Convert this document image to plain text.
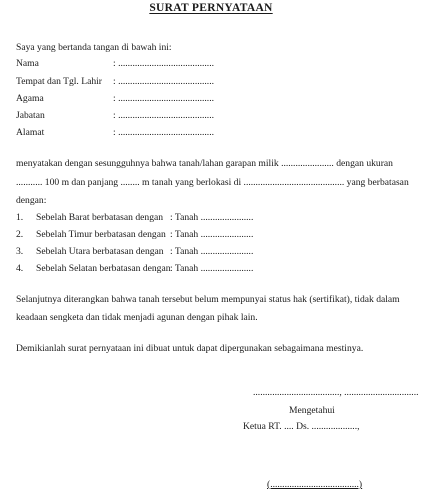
SURAT PERNYATAAN
Saya yang bertanda tangan di bawah ini:
Nama	: ........................................
Tempat dan Tgl. Lahir : ........................................
Agama	: ........................................
Jabatan	: ........................................
Alamat	: ........................................
menyatakan dengan sesungguhnya bahwa tanah/lahan garapan milik ...................... dengan ukuran
........... 100 m dan panjang ........ m tanah yang berlokasi di .......................................... yang berbatasan
dengan:
1. Sebelah Barat berbatasan dengan : Tanah ......................
2. Sebelah Timur berbatasan dengan : Tanah ......................
3. Sebelah Utara berbatasan dengan : Tanah ......................
4. Sebelah Selatan berbatasan dengan : Tanah ......................
Selanjutnya diterangkan bahwa tanah tersebut belum mempunyai status hak (sertifikat), tidak dalam
keadaan sengketa dan tidak menjadi agunan dengan pihak lain.
Demikianlah surat pernyataan ini dibuat untuk dapat dipergunakan sebagaimana mestinya.
...................................., ...............................
Mengetahui
Ketua RT. .... Ds. ...................,
(.....................................)
